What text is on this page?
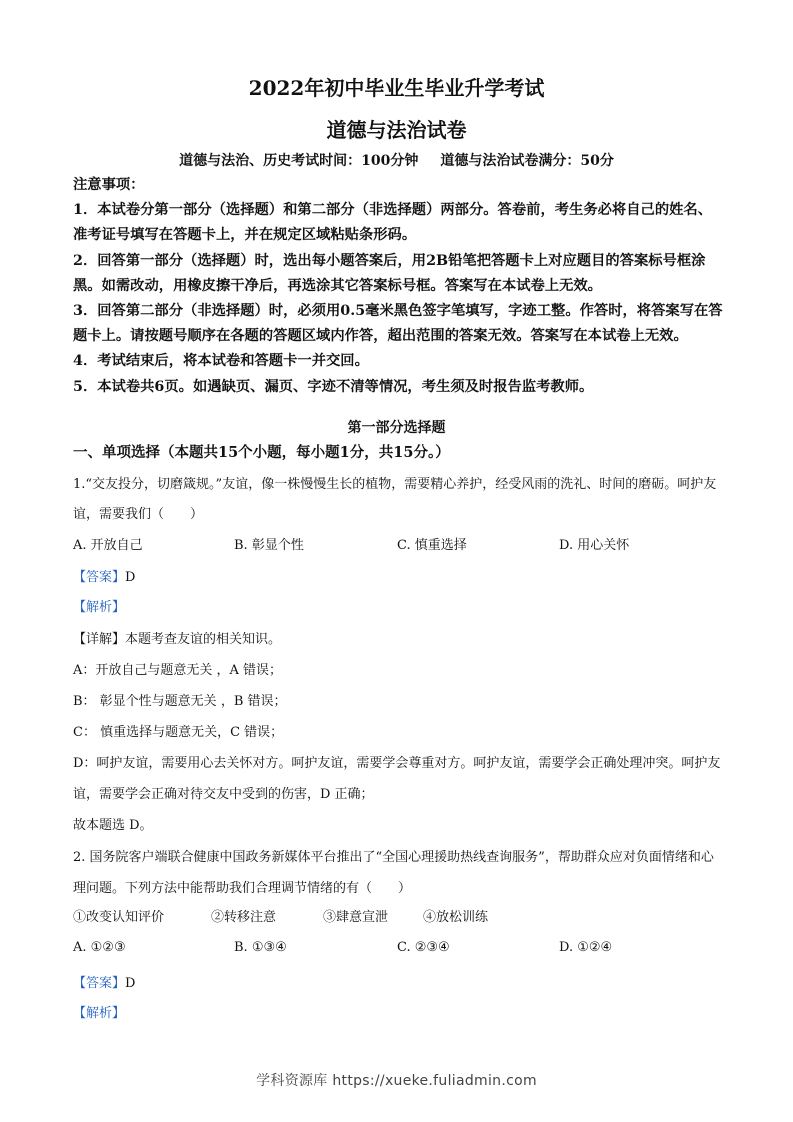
2022年初中毕业生毕业升学考试
道德与法治试卷
道德与法治、历史考试时间：100分钟 道德与法治试卷满分：50分

注意事项：

1．本试卷分第一部分（选择题）和第二部分（非选择题）两部分。答卷前，考生务必将自己的姓名、准考证号填写在答题卡上，并在规定区域粘贴条形码。

2．回答第一部分（选择题）时，选出每小题答案后，用2B铅笔把答题卡上对应题目的答案标号框涂黑。如需改动，用橡皮擦干净后，再选涂其它答案标号框。答案写在本试卷上无效。

3．回答第二部分（非选择题）时，必须用0.5毫米黑色签字笔填写，字迹工整。作答时，将答案写在答题卡上。请按题号顺序在各题的答题区域内作答，超出范围的答案无效。答案写在本试卷上无效。

4．考试结束后，将本试卷和答题卡一并交回。

5．本试卷共6页。如遇缺页、漏页、字迹不清等情况，考生须及时报告监考教师。

第一部分选择题
一、单项选择（本题共15个小题，每小题1分，共15分。）
1.“交友投分，切磨箴规。”友谊，像一株慢慢生长的植物，需要精心养护，经受风雨的洗礼、时间的磨砺。呵护友谊，需要我们（　　）
A. 开放自己	B. 彰显个性	C. 慎重选择	D. 用心关怀
【答案】D
【解析】

【详解】本题考查友谊的相关知识。

A：开放自己与题意无关 ，A 错误；

B： 彰显个性与题意无关 ，B 错误；

C： 慎重选择与题意无关，C 错误；

D：呵护友谊，需要用心去关怀对方。呵护友谊，需要学会尊重对方。呵护友谊，需要学会正确处理冲突。呵护友谊，需要学会正确对待交友中受到的伤害，D 正确；

故本题选 D。

2. 国务院客户端联合健康中国政务新媒体平台推出了“全国心理援助热线查询服务”，帮助群众应对负面情绪和心理问题。下列方法中能帮助我们合理调节情绪的有（　　）
①改变认知评价	②转移注意	③肆意宣泄	④放松训练
A. ①②③	B. ①③④	C. ②③④	D. ①②④
【答案】D
【解析】
学科资源库 https://xueke.fuliadmin.com
